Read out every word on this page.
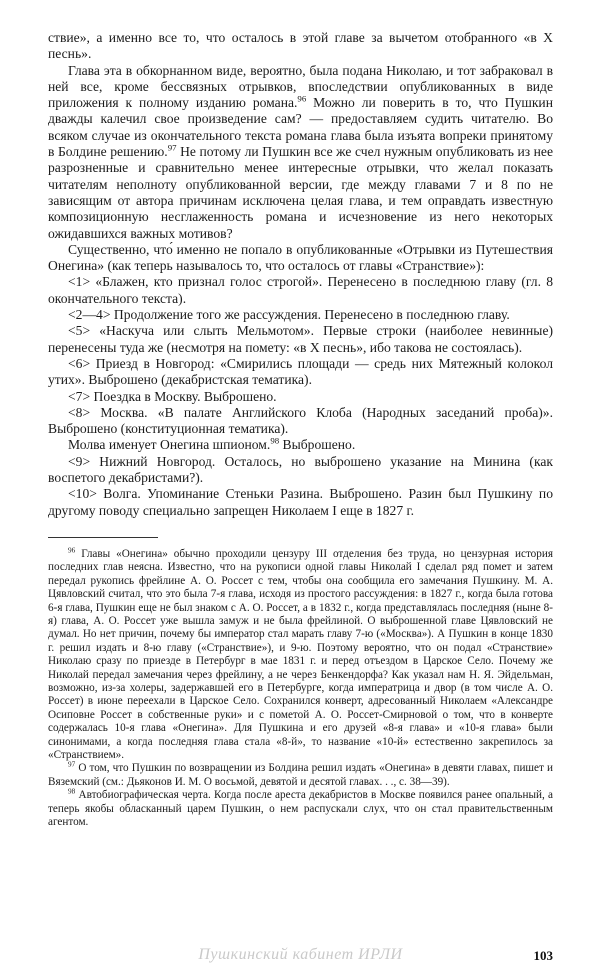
ствие», а именно все то, что осталось в этой главе за вычетом отобранного «в X песнь».

Глава эта в обкорнанном виде, вероятно, была подана Николаю, и тот забраковал в ней все, кроме бессвязных отрывков, впоследствии опубликованных в виде приложения к полному изданию романа.$^{96}$ Можно ли поверить в то, что Пушкин дважды калечил свое произведение сам? — предоставляем судить читателю. Во всяком случае из окончательного текста романа глава была изъята вопреки принятому в Болдине решению.$^{97}$ Не потому ли Пушкин все же счел нужным опубликовать из нее разрозненные и сравнительно менее интересные отрывки, что желал показать читателям неполноту опубликованной версии, где между главами 7 и 8 по не зависящим от автора причинам исключена целая глава, и тем оправдать известную композиционную несглаженность романа и исчезновение из него некоторых ожидавшихся важных мотивов?

Существенно, что́ именно не попало в опубликованные «Отрывки из Путешествия Онегина» (как теперь называлось то, что осталось от главы «Странствие»):

<1> «Блажен, кто признал голос строгой». Перенесено в последнюю главу (гл. 8 окончательного текста).

<2—4> Продолжение того же рассуждения. Перенесено в последнюю главу.

<5> «Наскуча или слыть Мельмотом». Первые строки (наиболее невинные) перенесены туда же (несмотря на помету: «в X песнь», ибо такова не состоялась).

<6> Приезд в Новгород: «Смирились площади — средь них Мятежный колокол утих». Выброшено (декабристская тематика).

<7> Поездка в Москву. Выброшено.

<8> Москва. «В палате Английского Клоба (Народных заседаний проба)». Выброшено (конституционная тематика).

Молва именует Онегина шпионом.$^{98}$ Выброшено.

<9> Нижний Новгород. Осталось, но выброшено указание на Минина (как воспетого декабристами?).

<10> Волга. Упоминание Стеньки Разина. Выброшено. Разин был Пушкину по другому поводу специально запрещен Николаем I еще в 1827 г.

$^{96}$ Главы «Онегина» обычно проходили цензуру III отделения без труда, но цензурная история последних глав неясна. Известно, что на рукописи одной главы Николай I сделал ряд помет и затем передал рукопись фрейлине А. О. Россет с тем, чтобы она сообщила его замечания Пушкину. М. А. Цявловский считал, что это была 7-я глава, исходя из простого рассуждения: в 1827 г., когда была готова 6-я глава, Пушкин еще не был знаком с А. О. Россет, а в 1832 г., когда представлялась последняя (ныне 8-я) глава, А. О. Россет уже вышла замуж и не была фрейлиной. О выброшенной главе Цявловский не думал. Но нет причин, почему бы император стал марать главу 7-ю («Москва»). А Пушкин в конце 1830 г. решил издать и 8-ю главу («Странствие»), и 9-ю. Поэтому вероятно, что он подал «Странствие» Николаю сразу по приезде в Петербург в мае 1831 г. и перед отъездом в Царское Село. Почему же Николай передал замечания через фрейлину, а не через Бенкендорфа? Как указал нам Н. Я. Эйдельман, возможно, из-за холеры, задержавшей его в Петербурге, когда императрица и двор (в том числе А. О. Россет) в июне переехали в Царское Село. Сохранился конверт, адресованный Николаем «Александре Осиповне Россет в собственные руки» и с пометой А. О. Россет-Смирновой о том, что в конверте содержалась 10-я глава «Онегина». Для Пушкина и его друзей «8-я глава» и «10-я глава» были синонимами, а когда последняя глава стала «8-й», то название «10-й» естественно закрепилось за «Странствием».

$^{97}$ О том, что Пушкин по возвращении из Болдина решил издать «Онегина» в девяти главах, пишет и Вяземский (см.: Дьяконов И. М. О восьмой, девятой и десятой главах. . ., с. 38—39).

$^{98}$ Автобиографическая черта. Когда после ареста декабристов в Москве появился ранее опальный, а теперь якобы обласканный царем Пушкин, о нем распускали слух, что он стал правительственным агентом.

Пушкинский кабинет ИРЛИ	103
